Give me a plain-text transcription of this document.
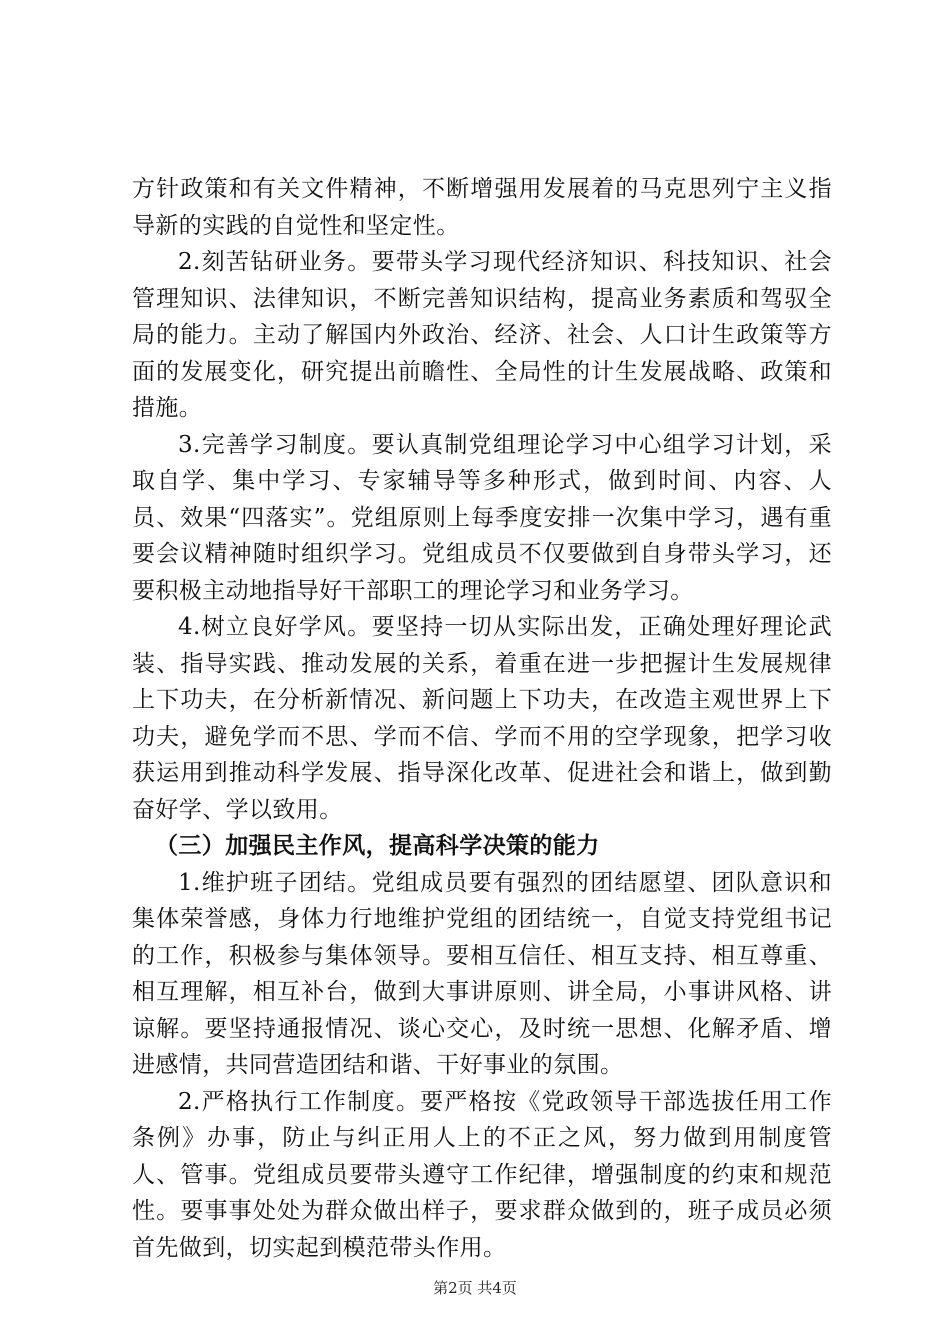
方针政策和有关文件精神，不断增强用发展着的马克思列宁主义指导新的实践的自觉性和坚定性。

2.刻苦钻研业务。要带头学习现代经济知识、科技知识、社会管理知识、法律知识，不断完善知识结构，提高业务素质和驾驭全局的能力。主动了解国内外政治、经济、社会、人口计生政策等方面的发展变化，研究提出前瞻性、全局性的计生发展战略、政策和措施。

3.完善学习制度。要认真制党组理论学习中心组学习计划，采取自学、集中学习、专家辅导等多种形式，做到时间、内容、人员、效果“四落实”。党组原则上每季度安排一次集中学习，遇有重要会议精神随时组织学习。党组成员不仅要做到自身带头学习，还要积极主动地指导好干部职工的理论学习和业务学习。

4.树立良好学风。要坚持一切从实际出发，正确处理好理论武装、指导实践、推动发展的关系，着重在进一步把握计生发展规律上下功夫，在分析新情况、新问题上下功夫，在改造主观世界上下功夫，避免学而不思、学而不信、学而不用的空学现象，把学习收获运用到推动科学发展、指导深化改革、促进社会和谐上，做到勤奋好学、学以致用。

（三）加强民主作风，提高科学决策的能力

1.维护班子团结。党组成员要有强烈的团结愿望、团队意识和集体荣誉感，身体力行地维护党组的团结统一，自觉支持党组书记的工作，积极参与集体领导。要相互信任、相互支持、相互尊重、相互理解，相互补台，做到大事讲原则、讲全局，小事讲风格、讲谅解。要坚持通报情况、谈心交心，及时统一思想、化解矛盾、增进感情，共同营造团结和谐、干好事业的氛围。

2.严格执行工作制度。要严格按《党政领导干部选拔任用工作条例》办事，防止与纠正用人上的不正之风，努力做到用制度管人、管事。党组成员要带头遵守工作纪律，增强制度的约束和规范性。要事事处处为群众做出样子，要求群众做到的，班子成员必须首先做到，切实起到模范带头作用。

第2页 共4页
